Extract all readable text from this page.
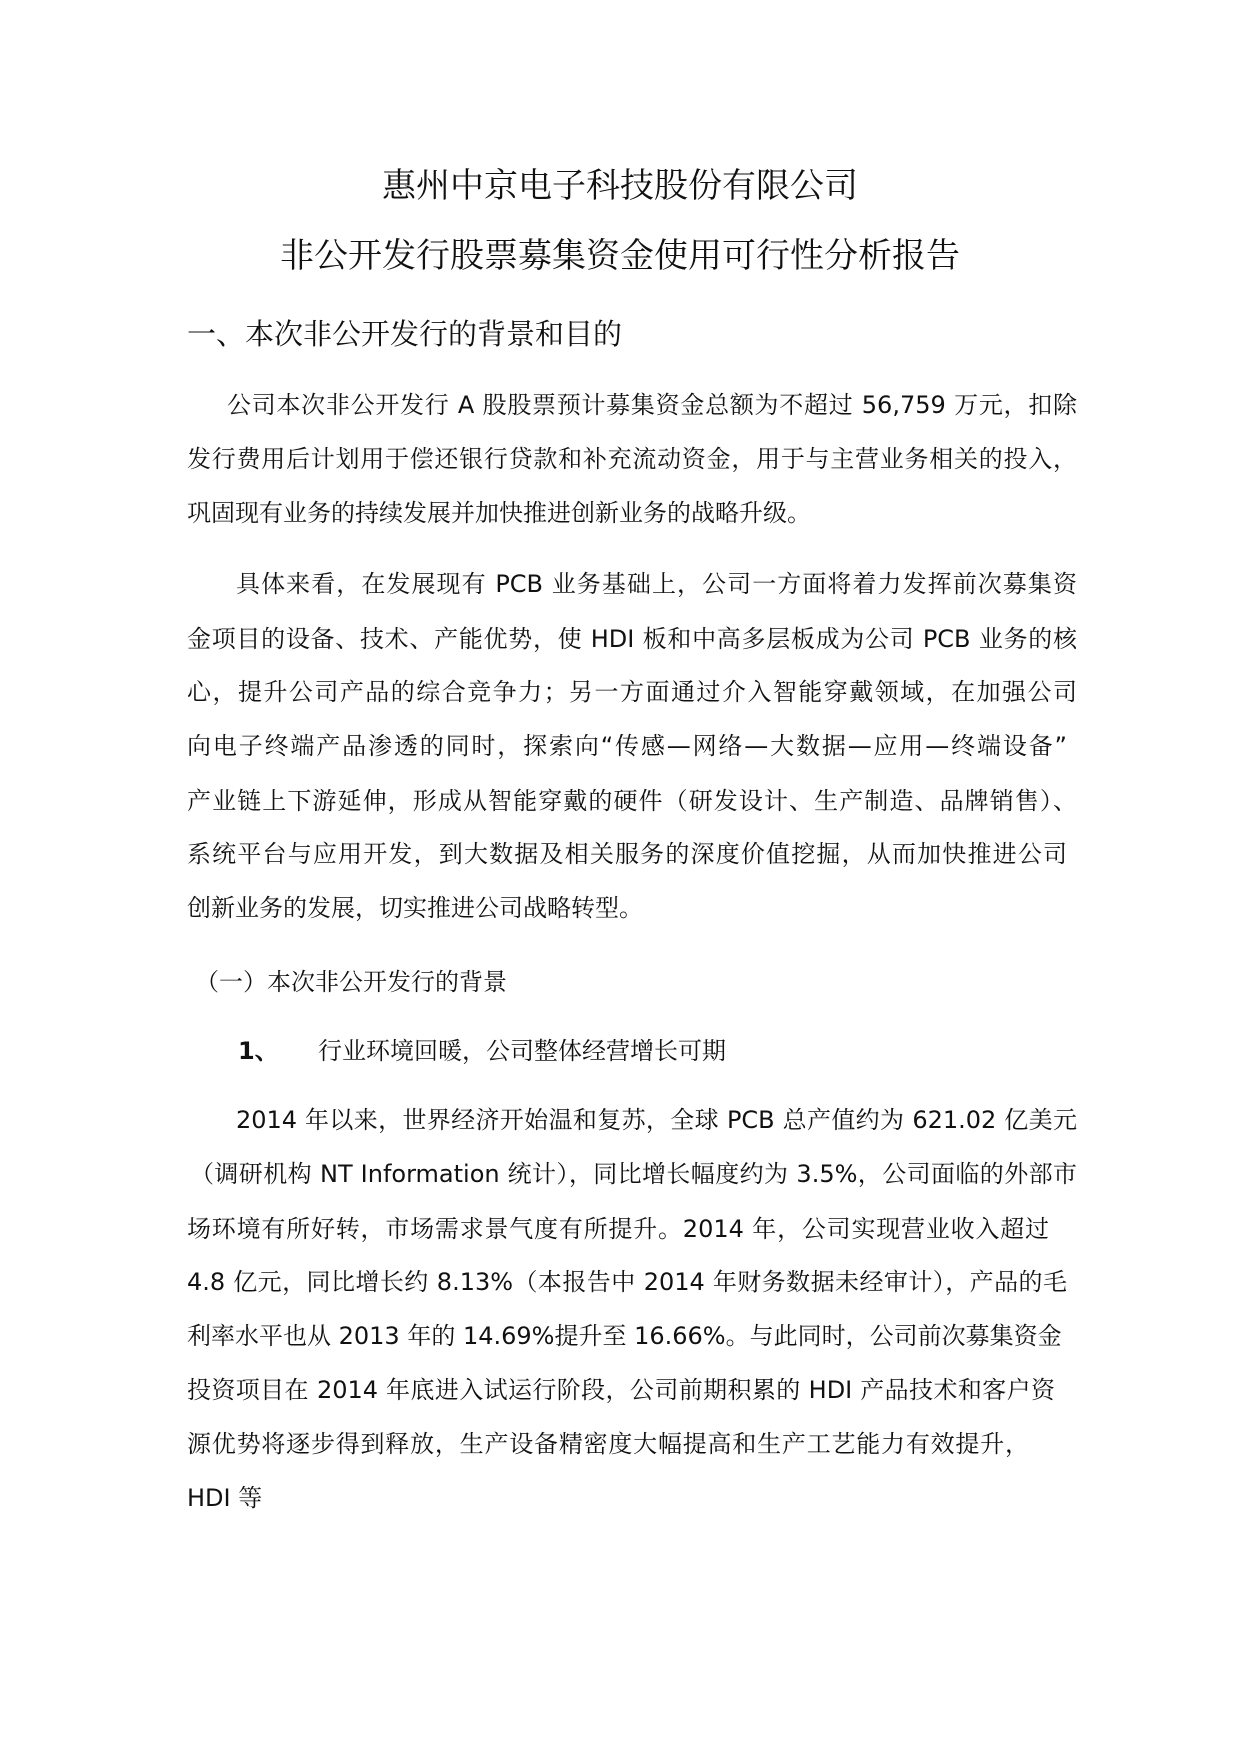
惠州中京电子科技股份有限公司
非公开发行股票募集资金使用可行性分析报告
一、本次非公开发行的背景和目的
公司本次非公开发行 A 股股票预计募集资金总额为不超过 56,759 万元，扣除
发行费用后计划用于偿还银行贷款和补充流动资金，用于与主营业务相关的投入，
巩固现有业务的持续发展并加快推进创新业务的战略升级。
具体来看，在发展现有 PCB 业务基础上，公司一方面将着力发挥前次募集资
金项目的设备、技术、产能优势，使 HDI 板和中高多层板成为公司 PCB 业务的核
心，提升公司产品的综合竞争力；另一方面通过介入智能穿戴领域，在加强公司
向电子终端产品渗透的同时，探索向“传感—网络—大数据—应用—终端设备”
产业链上下游延伸，形成从智能穿戴的硬件（研发设计、生产制造、品牌销售）、
系统平台与应用开发，到大数据及相关服务的深度价值挖掘，从而加快推进公司
创新业务的发展，切实推进公司战略转型。
（一）本次非公开发行的背景
1、 行业环境回暖，公司整体经营增长可期
2014 年以来，世界经济开始温和复苏，全球 PCB 总产值约为 621.02 亿美元
（调研机构 NT Information 统计），同比增长幅度约为 3.5%，公司面临的外部市
场环境有所好转，市场需求景气度有所提升。2014 年，公司实现营业收入超过
4.8 亿元，同比增长约 8.13%（本报告中 2014 年财务数据未经审计），产品的毛
利率水平也从 2013 年的 14.69%提升至 16.66%。与此同时，公司前次募集资金
投资项目在 2014 年底进入试运行阶段，公司前期积累的 HDI 产品技术和客户资
源优势将逐步得到释放，生产设备精密度大幅提高和生产工艺能力有效提升，
HDI 等
